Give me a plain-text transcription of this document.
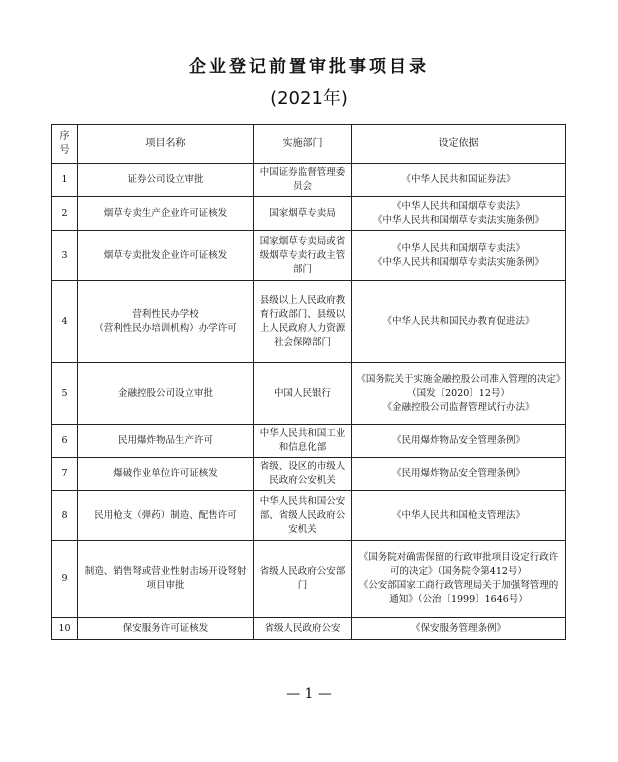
企业登记前置审批事项目录
(2021年)
序号	项目名称	实施部门	设定依据
1	证券公司设立审批	中国证券监督管理委员会	《中华人民共和国证券法》
2	烟草专卖生产企业许可证核发	国家烟草专卖局	《中华人民共和国烟草专卖法》
《中华人民共和国烟草专卖法实施条例》
3	烟草专卖批发企业许可证核发	国家烟草专卖局或省级烟草专卖行政主管部门	《中华人民共和国烟草专卖法》
《中华人民共和国烟草专卖法实施条例》
4	营利性民办学校
（营利性民办培训机构）办学许可	县级以上人民政府教育行政部门、县级以上人民政府人力资源社会保障部门	《中华人民共和国民办教育促进法》
5	金融控股公司设立审批	中国人民银行	《国务院关于实施金融控股公司准入管理的决定》（国发〔2020〕12号）
《金融控股公司监督管理试行办法》
6	民用爆炸物品生产许可	中华人民共和国工业和信息化部	《民用爆炸物品安全管理条例》
7	爆破作业单位许可证核发	省级、设区的市级人民政府公安机关	《民用爆炸物品安全管理条例》
8	民用枪支（弹药）制造、配售许可	中华人民共和国公安部、省级人民政府公安机关	《中华人民共和国枪支管理法》
9	制造、销售弩或营业性射击场开设弩射项目审批	省级人民政府公安部门	《国务院对确需保留的行政审批项目设定行政许可的决定》（国务院令第412号）
《公安部国家工商行政管理局关于加强弩管理的通知》（公治〔1999〕1646号）
10	保安服务许可证核发	省级人民政府公安	《保安服务管理条例》
— 1 —
